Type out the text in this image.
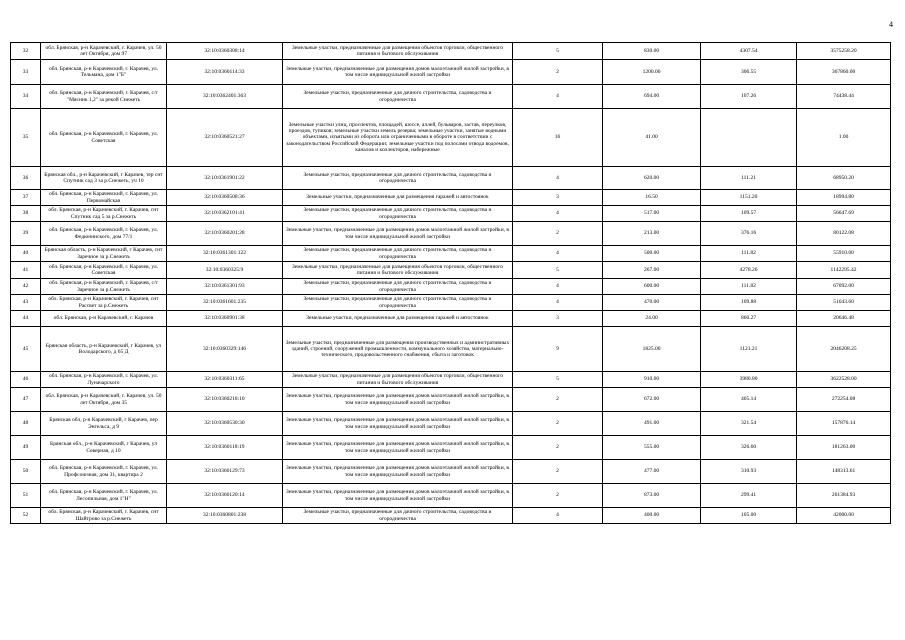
4
32	обл. Брянская, р-н Карачевский, г. Карачев, ул. 50 лет Октября, дом 97	32:10:0360308:14	Земельные участки, предназначенные для размещения объектов торговли, общественного питания и бытового обслуживания	5	830.00	4307.54	3575258.20
33	обл. Брянская, р-н Карачевский, г. Карачев, ул. Тельмана, дом 1"Б"	32:10:0360114:33	Земельные участки, предназначенные для размещения домов малоэтажной жилой застройки, в том числе индивидуальной жилой застройки	2	1200.00	306.55	367860.00
34	обл. Брянская, р-н Карачевский, г. Карачев, с/т "Мясник 1,2" за рекой Снежеть	32:10:0362401:363	Земельные участки, предназначенные для дачного строительства, садоводства и огородничества	4	694.00	107.26	74438.44
35	обл. Брянская, р-н Карачевский, г. Карачев, ул. Советская	32:10:0360521:27	Земельные участки улиц, проспектов, площадей, шоссе, аллей, бульваров, застав, переулков, проездов, тупиков; земельные участки земель резерва; земельные участки, занятые водными объектами, изъятыми из оборота или ограниченными в обороте в соответствии с законодательством Российской Федерации; земельные участки под полосами отвода водоемов, каналов и коллекторов, набережные	16	41.00		1.00
36	Брянская обл., р-н Карачевский, г Карачев, тер снт Спутник сад 3 за р.Снежеть, уч 10	32:10:0361901:22	Земельные участки, предназначенные для дачного строительства, садоводства и огородничества	4	620.00	111.21	68950.20
37	обл. Брянская, р-н Карачевский, г. Карачев, ул. Первомайская	32:10:0360508:36	Земельные участки, предназначенные для размещения гаражей и автостоянок	3	16.50	1151.20	18994.80
38	обл. Брянская, р-н Карачевский, г. Карачев, снт Спутник сад 5 за р.Снежеть	32:10:0362101:41	Земельные участки, предназначенные для дачного строительства, садоводства и огородничества	4	517.00	109.57	56647.69
39	обл. Брянская, р-н Карачевский, г. Карачев, ул. Федюнинского, дом 77/1	32:10:0360201:28	Земельные участки, предназначенные для размещения домов малоэтажной жилой застройки, в том числе индивидуальной жилой застройки	2	213.00	376.16	80122.08
40	Брянская область, р-н Карачевский, г Карачев, снт Заречное за р.Снежеть	32:10:0361301:122	Земельные участки, предназначенные для дачного строительства, садоводства и огородничества	4	500.00	111.82	55910.00
41	обл. Брянская, р-н Карачевский, г. Карачев, ул. Советская	32:10:0360325:9	Земельные участки, предназначенные для размещения объектов торговли, общественного питания и бытового обслуживания	5	267.00	4278.26	1142295.42
42	обл. Брянская, р-н Карачевский, г. Карачев, с/т Заречное за р.Снежеть	32:10:0361301:93	Земельные участки, предназначенные для дачного строительства, садоводства и огородничества	4	600.00	111.82	67092.00
43	обл. Брянская, р-н Карачевский, г. Карачев, снт Рассвет за р.Снежеть	32:10:0361601:235	Земельные участки, предназначенные для дачного строительства, садоводства и огородничества	4	470.00	109.88	51643.60
44	обл. Брянская, р-н Карачевский, г. Карачев	32:10:0360901:38	Земельные участки, предназначенные для размещения гаражей и автостоянок	3	24.00	860.27	20646.48
45	Брянская область, р-н Карачевский, г Карачев, ул Володарского, д 65 Д	32:10:0360329:146	Земельные участки, предназначенные для размещения производственных и административных зданий, строений, сооружений промышленности, коммунального хозяйства, материально-технического, продовольственного снабжения, сбыта и заготовок	9	1825.00	1121.21	2046208.25
46	обл. Брянская, р-н Карачевский, г. Карачев, ул. Луначарского	32:10:0360311:65	Земельные участки, предназначенные для размещения объектов торговли, общественного питания и бытового обслуживания	5	910.00	3980.80	3622528.00
47	обл. Брянская, р-н Карачевский, г. Карачев, ул. 50 лет Октября, дом 35	32:10:0360218:10	Земельные участки, предназначенные для размещения домов малоэтажной жилой застройки, в том числе индивидуальной жилой застройки	2	672.00	405.14	272254.08
48	Брянская обл, р-н Карачевский, г Карачев, пер Энгельса, д 9	32:10:0360530:30	Земельные участки, предназначенные для размещения домов малоэтажной жилой застройки, в том числе индивидуальной жилой застройки	2	491.00	321.54	157876.14
49	Брянская обл., р-н Карачевский, г Карачев, ул Северная, д 10	32:10:0360118:19	Земельные участки, предназначенные для размещения домов малоэтажной жилой застройки, в том числе индивидуальной жилой застройки	2	555.00	326.60	181263.00
50	обл. Брянская, р-н Карачевский, г. Карачев, ул. Профсоюзная, дом 31, квартира 2	32:10:0360129:73	Земельные участки, предназначенные для размещения домов малоэтажной жилой застройки, в том числе индивидуальной жилой застройки	2	477.00	310.93	148313.61
51	обл. Брянская, р-н Карачевский, г. Карачев, ул. Лесопильная, дом 1"Н"	32:10:0360120:14	Земельные участки, предназначенные для размещения домов малоэтажной жилой застройки, в том числе индивидуальной жилой застройки	2	873.00	299.41	261384.93
52	обл. Брянская, р-н Карачевский, г. Карачев, снт Шайтрово за р.Снежеть	32:10:0360801:238	Земельные участки, предназначенные для дачного строительства, садоводства и огородничества	4	400.00	105.00	42000.00
